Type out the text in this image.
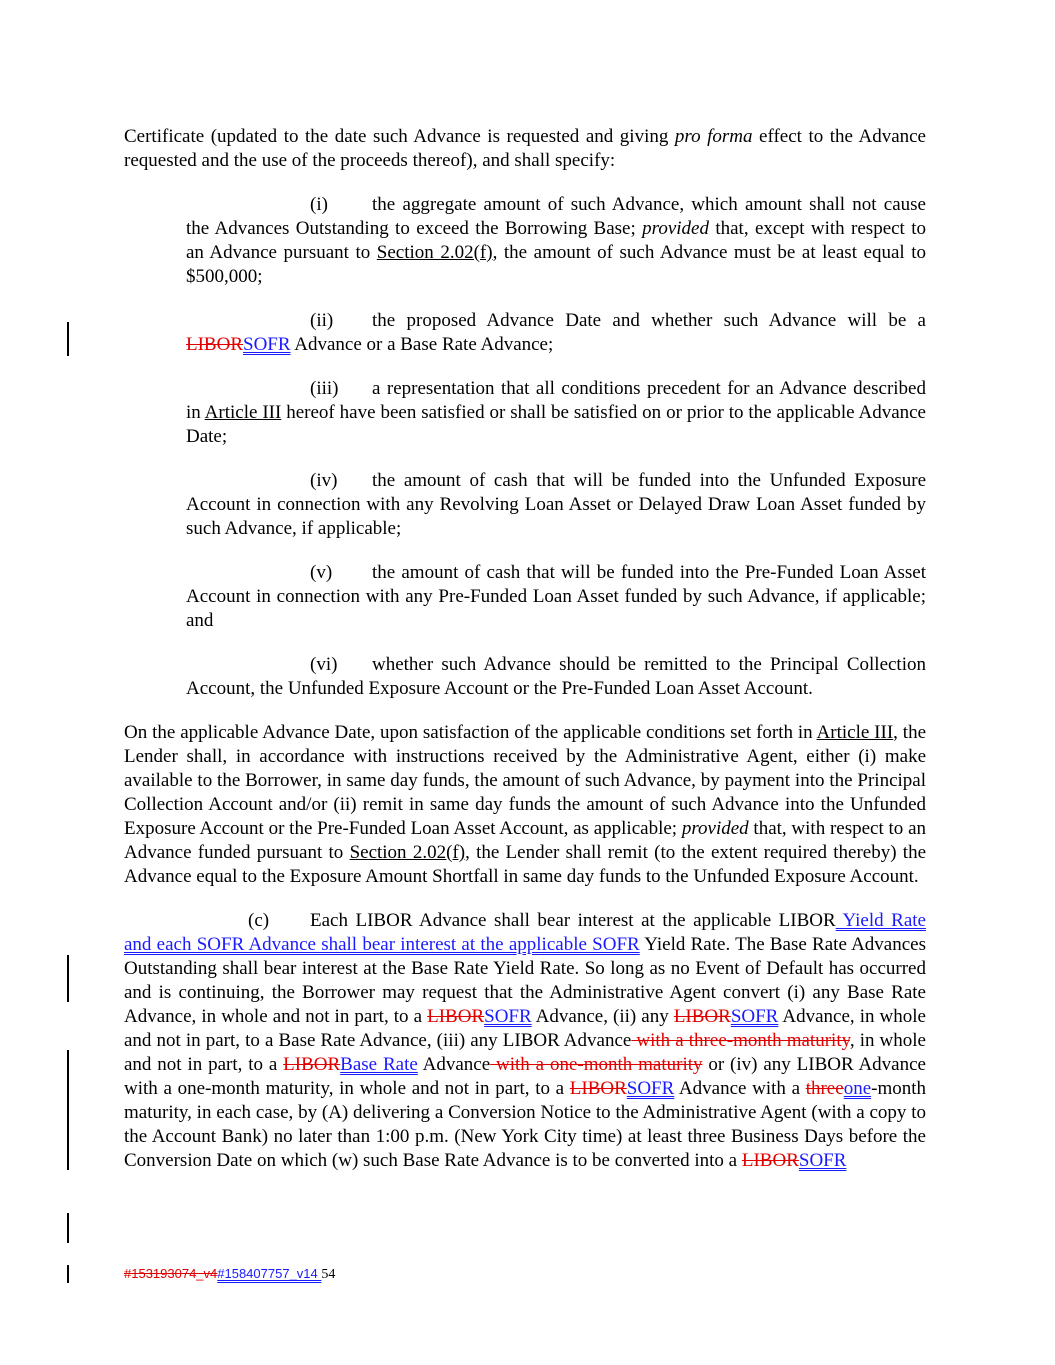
Certificate (updated to the date such Advance is requested and giving pro forma effect to the Advance requested and the use of the proceeds thereof), and shall specify:

(i) the aggregate amount of such Advance, which amount shall not cause the Advances Outstanding to exceed the Borrowing Base; provided that, except with respect to an Advance pursuant to Section 2.02(f), the amount of such Advance must be at least equal to $500,000;

(ii) the proposed Advance Date and whether such Advance will be a LIBORSOFR Advance or a Base Rate Advance;

(iii) a representation that all conditions precedent for an Advance described in Article III hereof have been satisfied or shall be satisfied on or prior to the applicable Advance Date;

(iv) the amount of cash that will be funded into the Unfunded Exposure Account in connection with any Revolving Loan Asset or Delayed Draw Loan Asset funded by such Advance, if applicable;

(v) the amount of cash that will be funded into the Pre-Funded Loan Asset Account in connection with any Pre-Funded Loan Asset funded by such Advance, if applicable; and

(vi) whether such Advance should be remitted to the Principal Collection Account, the Unfunded Exposure Account or the Pre-Funded Loan Asset Account.

On the applicable Advance Date, upon satisfaction of the applicable conditions set forth in Article III, the Lender shall, in accordance with instructions received by the Administrative Agent, either (i) make available to the Borrower, in same day funds, the amount of such Advance, by payment into the Principal Collection Account and/or (ii) remit in same day funds the amount of such Advance into the Unfunded Exposure Account or the Pre-Funded Loan Asset Account, as applicable; provided that, with respect to an Advance funded pursuant to Section 2.02(f), the Lender shall remit (to the extent required thereby) the Advance equal to the Exposure Amount Shortfall in same day funds to the Unfunded Exposure Account.

(c) Each LIBOR Advance shall bear interest at the applicable LIBOR Yield Rate and each SOFR Advance shall bear interest at the applicable SOFR Yield Rate. The Base Rate Advances Outstanding shall bear interest at the Base Rate Yield Rate. So long as no Event of Default has occurred and is continuing, the Borrower may request that the Administrative Agent convert (i) any Base Rate Advance, in whole and not in part, to a LIBORSOFR Advance, (ii) any LIBORSOFR Advance, in whole and not in part, to a Base Rate Advance, (iii) any LIBOR Advance with a three-month maturity, in whole and not in part, to a LIBORBase Rate Advance with a one-month maturity or (iv) any LIBOR Advance with a one-month maturity, in whole and not in part, to a LIBORSOFR Advance with a threeone-month maturity, in each case, by (A) delivering a Conversion Notice to the Administrative Agent (with a copy to the Account Bank) no later than 1:00 p.m. (New York City time) at least three Business Days before the Conversion Date on which (w) such Base Rate Advance is to be converted into a LIBORSOFR

#153193074_v4#158407757_v14 54
